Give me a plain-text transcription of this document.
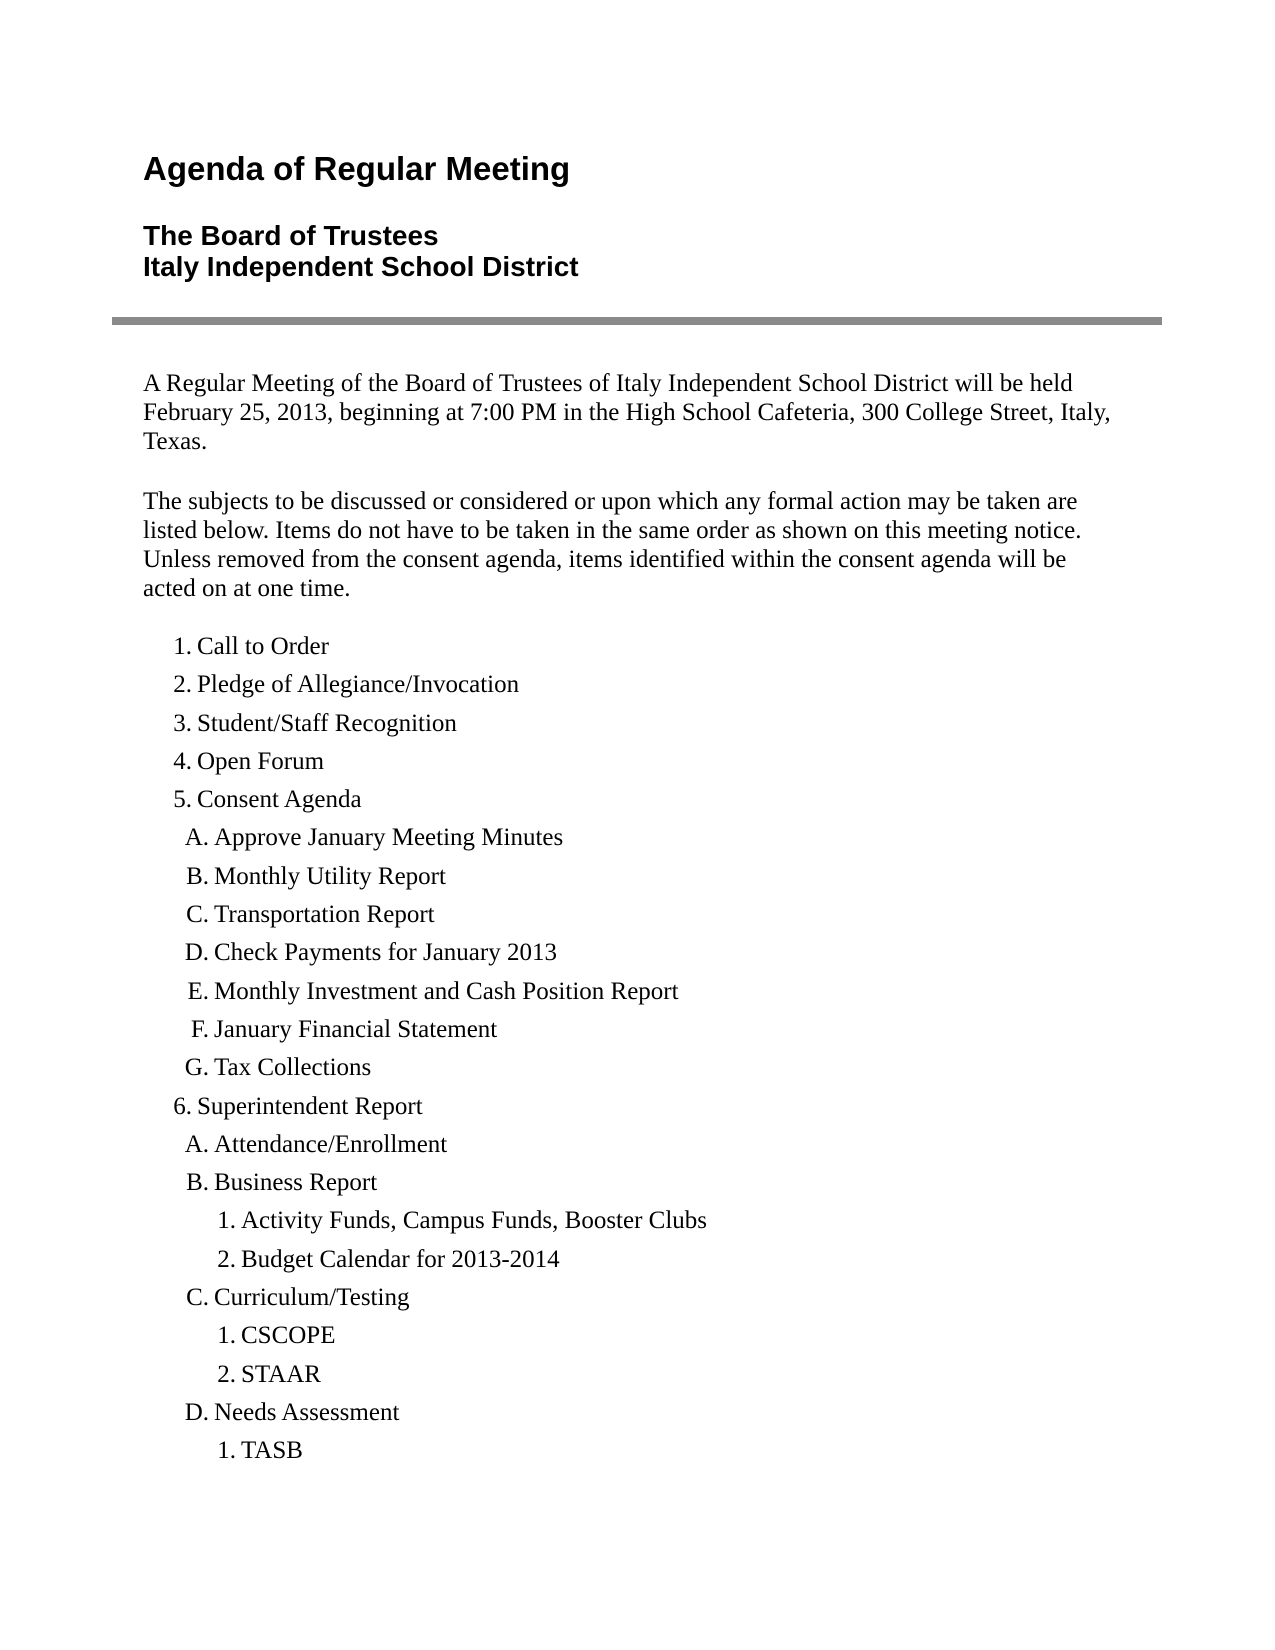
Agenda of Regular Meeting

The Board of Trustees
Italy Independent School District

A Regular Meeting of the Board of Trustees of Italy Independent School District will be held February 25, 2013, beginning at 7:00 PM in the High School Cafeteria, 300 College Street, Italy, Texas.

The subjects to be discussed or considered or upon which any formal action may be taken are listed below. Items do not have to be taken in the same order as shown on this meeting notice. Unless removed from the consent agenda, items identified within the consent agenda will be acted on at one time.

1. Call to Order
2. Pledge of Allegiance/Invocation
3. Student/Staff Recognition
4. Open Forum
5. Consent Agenda
A. Approve January Meeting Minutes
B. Monthly Utility Report
C. Transportation Report
D. Check Payments for January 2013
E. Monthly Investment and Cash Position Report
F. January Financial Statement
G. Tax Collections
6. Superintendent Report
A. Attendance/Enrollment
B. Business Report
1. Activity Funds, Campus Funds, Booster Clubs
2. Budget Calendar for 2013-2014
C. Curriculum/Testing
1. CSCOPE
2. STAAR
D. Needs Assessment
1. TASB
